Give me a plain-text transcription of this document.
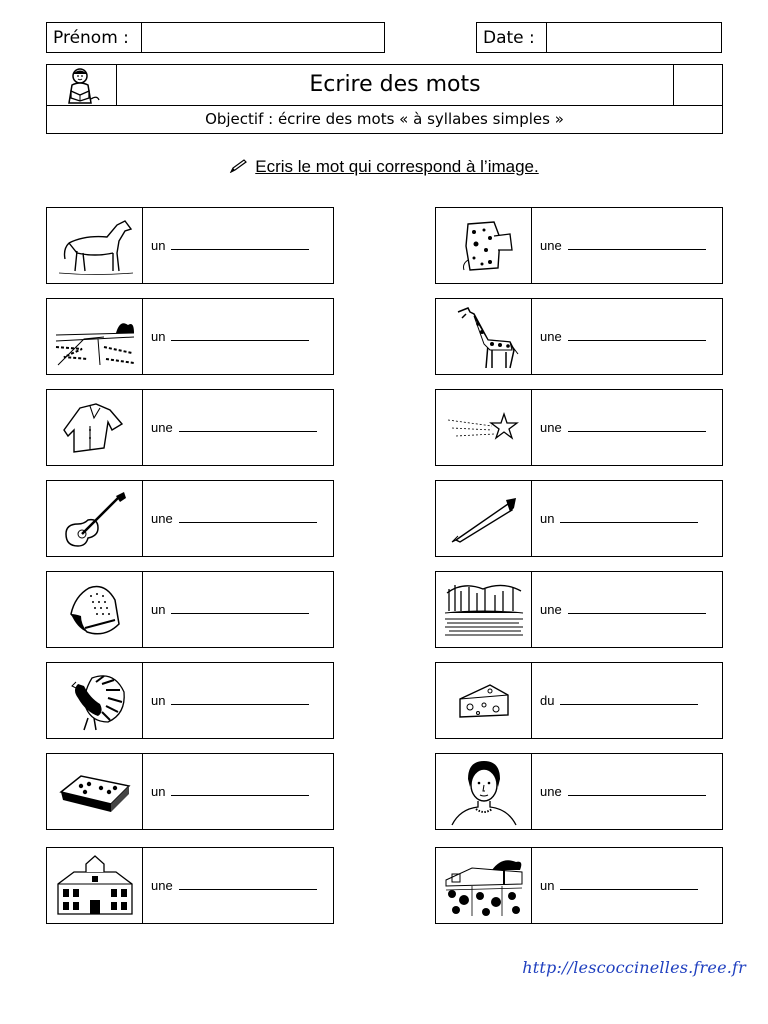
Prénom :	Date :
Ecrire des mots
Objectif : écrire des mots « à syllabes simples »
Ecris le mot qui correspond à l’image.
un
un
une
une
un
un
un
une
une
une
une
un
une
du
une
un
http://lescoccinelles.free.fr
